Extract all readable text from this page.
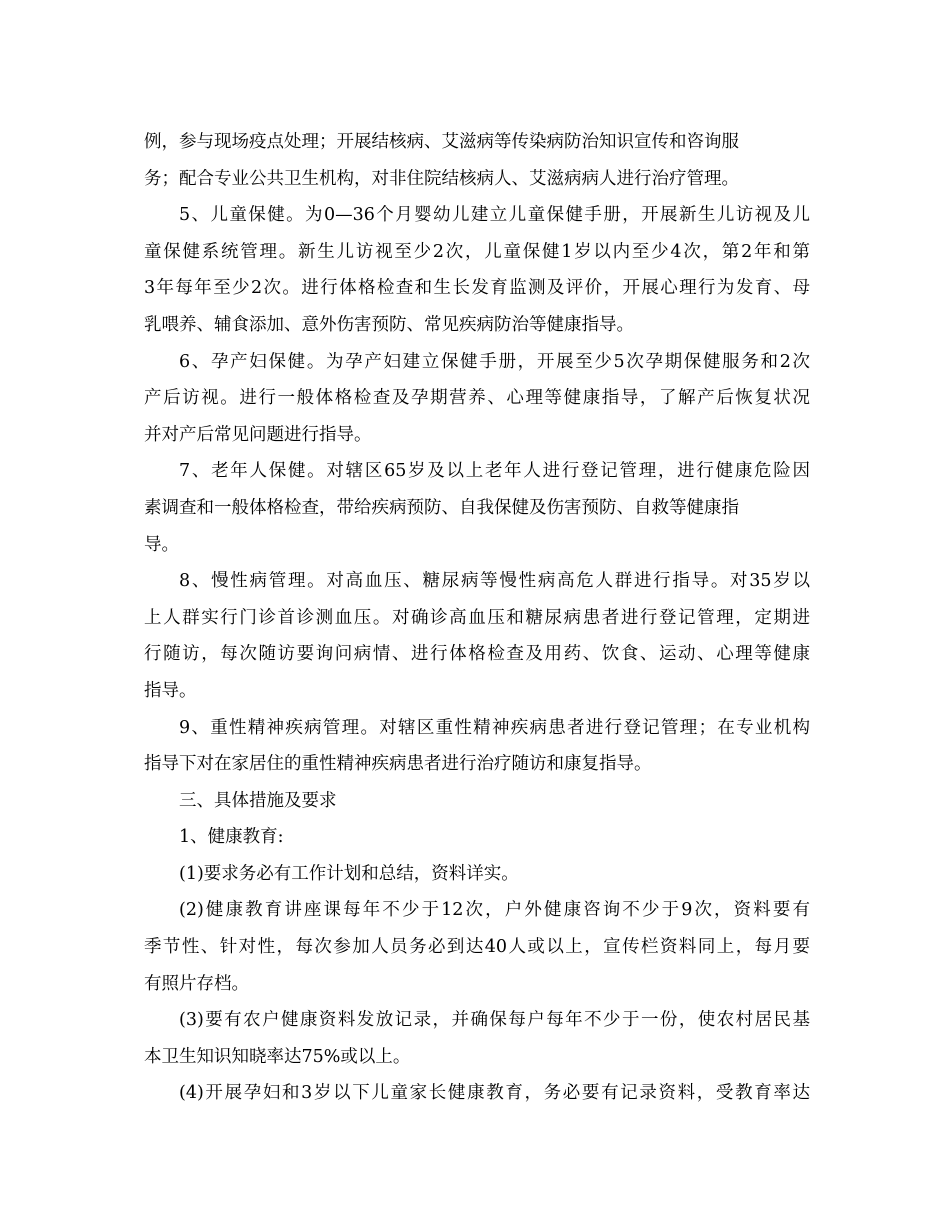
例，参与现场疫点处理；开展结核病、艾滋病等传染病防治知识宣传和咨询服
务；配合专业公共卫生机构，对非住院结核病人、艾滋病病人进行治疗管理。
5、儿童保健。为0—36个月婴幼儿建立儿童保健手册，开展新生儿访视及儿
童保健系统管理。新生儿访视至少2次，儿童保健1岁以内至少4次，第2年和第
3年每年至少2次。进行体格检查和生长发育监测及评价，开展心理行为发育、母
乳喂养、辅食添加、意外伤害预防、常见疾病防治等健康指导。
6、孕产妇保健。为孕产妇建立保健手册，开展至少5次孕期保健服务和2次
产后访视。进行一般体格检查及孕期营养、心理等健康指导，了解产后恢复状况
并对产后常见问题进行指导。
7、老年人保健。对辖区65岁及以上老年人进行登记管理，进行健康危险因
素调查和一般体格检查，带给疾病预防、自我保健及伤害预防、自救等健康指
导。
8、慢性病管理。对高血压、糖尿病等慢性病高危人群进行指导。对35岁以
上人群实行门诊首诊测血压。对确诊高血压和糖尿病患者进行登记管理，定期进
行随访，每次随访要询问病情、进行体格检查及用药、饮食、运动、心理等健康
指导。
9、重性精神疾病管理。对辖区重性精神疾病患者进行登记管理；在专业机构
指导下对在家居住的重性精神疾病患者进行治疗随访和康复指导。
三、具体措施及要求
1、健康教育:
(1)要求务必有工作计划和总结，资料详实。
(2)健康教育讲座课每年不少于12次，户外健康咨询不少于9次，资料要有
季节性、针对性，每次参加人员务必到达40人或以上，宣传栏资料同上，每月要
有照片存档。
(3)要有农户健康资料发放记录，并确保每户每年不少于一份，使农村居民基
本卫生知识知晓率达75%或以上。
(4)开展孕妇和3岁以下儿童家长健康教育，务必要有记录资料，受教育率达
